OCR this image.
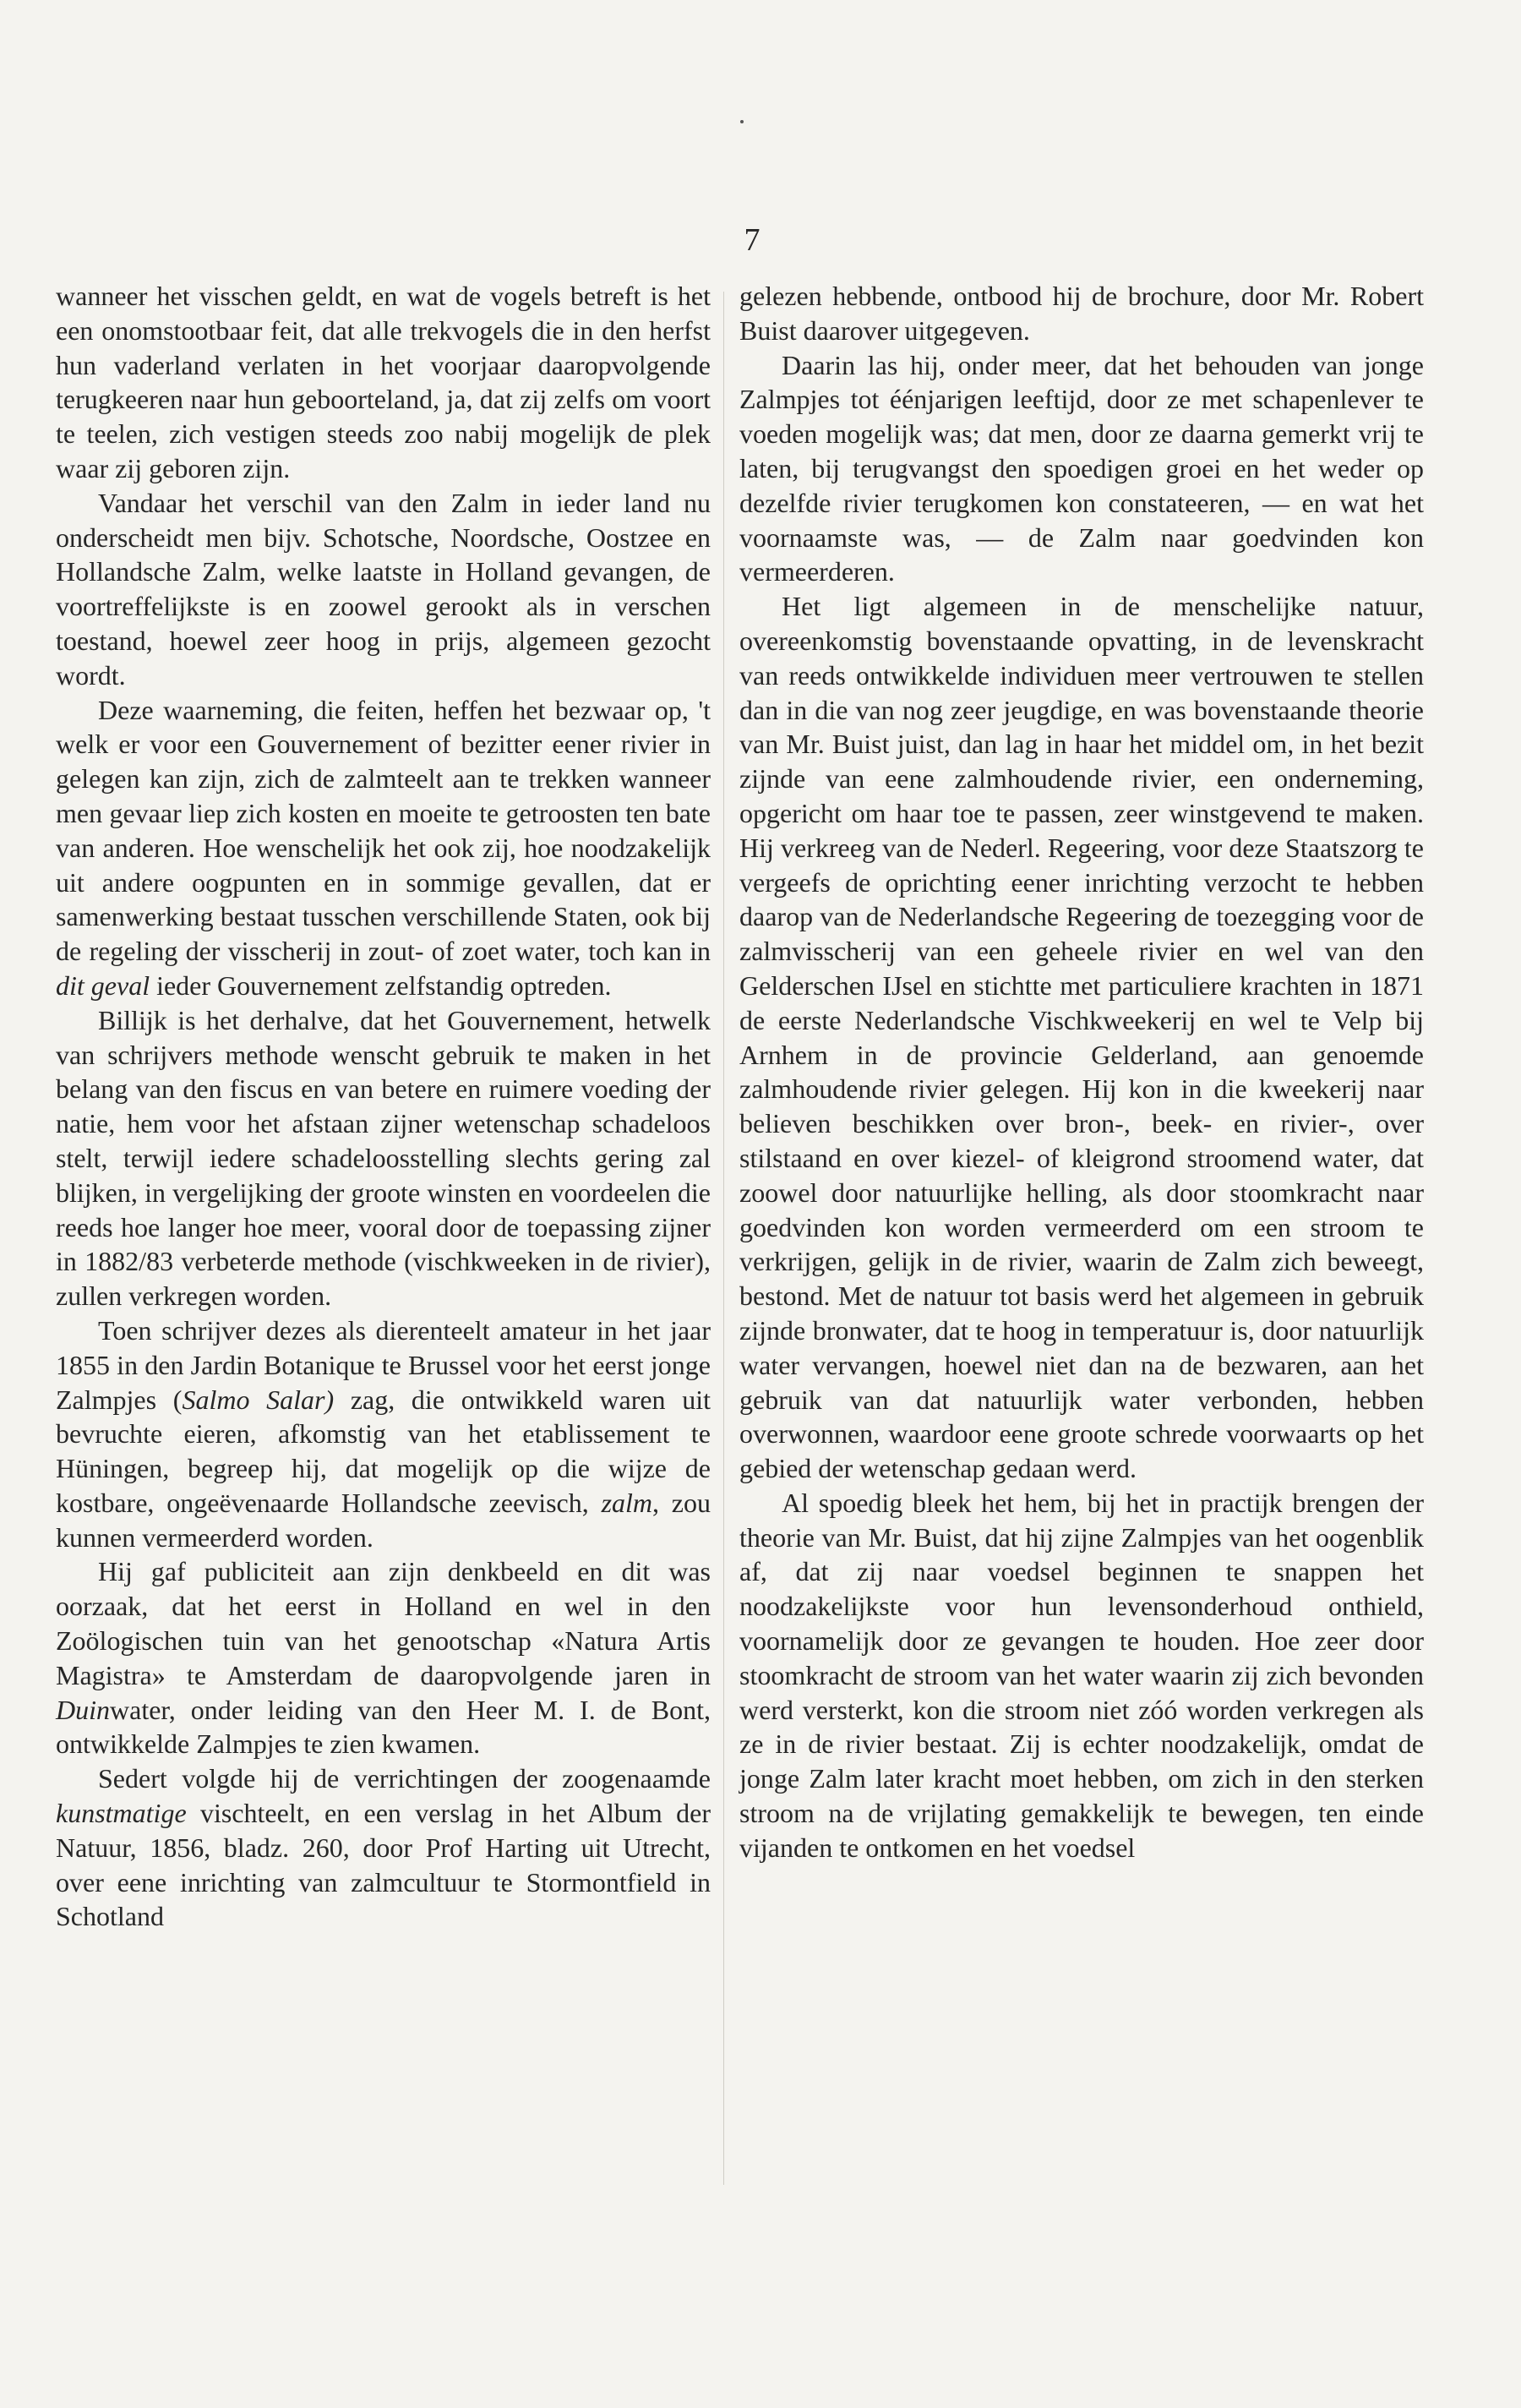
7

wanneer het visschen geldt, en wat de vogels betreft is het een onomstootbaar feit, dat alle trekvogels die in den herfst hun vaderland verlaten in het voorjaar daaropvolgende terugkeeren naar hun geboorteland, ja, dat zij zelfs om voort te teelen, zich vestigen steeds zoo nabij mogelijk de plek waar zij geboren zijn.

Vandaar het verschil van den Zalm in ieder land nu onderscheidt men bijv. Schotsche, Noordsche, Oostzee en Hollandsche Zalm, welke laatste in Holland gevangen, de voortreffelijkste is en zoowel gerookt als in verschen toestand, hoewel zeer hoog in prijs, algemeen gezocht wordt.

Deze waarneming, die feiten, heffen het bezwaar op, 't welk er voor een Gouvernement of bezitter eener rivier in gelegen kan zijn, zich de zalmteelt aan te trekken wanneer men gevaar liep zich kosten en moeite te getroosten ten bate van anderen. Hoe wenschelijk het ook zij, hoe noodzakelijk uit andere oogpunten en in sommige gevallen, dat er samenwerking bestaat tusschen verschillende Staten, ook bij de regeling der visscherij in zout- of zoet water, toch kan in dit geval ieder Gouvernement zelfstandig optreden.

Billijk is het derhalve, dat het Gouvernement, hetwelk van schrijvers methode wenscht gebruik te maken in het belang van den fiscus en van betere en ruimere voeding der natie, hem voor het afstaan zijner wetenschap schadeloos stelt, terwijl iedere schadeloosstelling slechts gering zal blijken, in vergelijking der groote winsten en voordeelen die reeds hoe langer hoe meer, vooral door de toepassing zijner in 1882/83 verbeterde methode (vischkweeken in de rivier), zullen verkregen worden.

Toen schrijver dezes als dierenteelt amateur in het jaar 1855 in den Jardin Botanique te Brussel voor het eerst jonge Zalmpjes (Salmo Salar) zag, die ontwikkeld waren uit bevruchte eieren, afkomstig van het etablissement te Hüningen, begreep hij, dat mogelijk op die wijze de kostbare, ongeëvenaarde Hollandsche zeevisch, zalm, zou kunnen vermeerderd worden.

Hij gaf publiciteit aan zijn denkbeeld en dit was oorzaak, dat het eerst in Holland en wel in den Zoölogischen tuin van het genootschap «Natura Artis Magistra» te Amsterdam de daaropvolgende jaren in Duinwater, onder leiding van den Heer M. I. de Bont, ontwikkelde Zalmpjes te zien kwamen.

Sedert volgde hij de verrichtingen der zoogenaamde kunstmatige vischteelt, en een verslag in het Album der Natuur, 1856, bladz. 260, door Prof Harting uit Utrecht, over eene inrichting van zalmcultuur te Stormontfield in Schotland

gelezen hebbende, ontbood hij de brochure, door Mr. Robert Buist daarover uitgegeven.

Daarin las hij, onder meer, dat het behouden van jonge Zalmpjes tot éénjarigen leeftijd, door ze met schapenlever te voeden mogelijk was; dat men, door ze daarna gemerkt vrij te laten, bij terugvangst den spoedigen groei en het weder op dezelfde rivier terugkomen kon constateeren, — en wat het voornaamste was, — de Zalm naar goedvinden kon vermeerderen.

Het ligt algemeen in de menschelijke natuur, overeenkomstig bovenstaande opvatting, in de levenskracht van reeds ontwikkelde individuen meer vertrouwen te stellen dan in die van nog zeer jeugdige, en was bovenstaande theorie van Mr. Buist juist, dan lag in haar het middel om, in het bezit zijnde van eene zalmhoudende rivier, een onderneming, opgericht om haar toe te passen, zeer winstgevend te maken. Hij verkreeg van de Nederl. Regeering, voor deze Staatszorg te vergeefs de oprichting eener inrichting verzocht te hebben daarop van de Nederlandsche Regeering de toezegging voor de zalmvisscherij van een geheele rivier en wel van den Gelderschen IJsel en stichtte met particuliere krachten in 1871 de eerste Nederlandsche Vischkweekerij en wel te Velp bij Arnhem in de provincie Gelderland, aan genoemde zalmhoudende rivier gelegen. Hij kon in die kweekerij naar believen beschikken over bron-, beek- en rivier-, over stilstaand en over kiezel- of kleigrond stroomend water, dat zoowel door natuurlijke helling, als door stoomkracht naar goedvinden kon worden vermeerderd om een stroom te verkrijgen, gelijk in de rivier, waarin de Zalm zich beweegt, bestond. Met de natuur tot basis werd het algemeen in gebruik zijnde bronwater, dat te hoog in temperatuur is, door natuurlijk water vervangen, hoewel niet dan na de bezwaren, aan het gebruik van dat natuurlijk water verbonden, hebben overwonnen, waardoor eene groote schrede voorwaarts op het gebied der wetenschap gedaan werd.

Al spoedig bleek het hem, bij het in practijk brengen der theorie van Mr. Buist, dat hij zijne Zalmpjes van het oogenblik af, dat zij naar voedsel beginnen te snappen het noodzakelijkste voor hun levensonderhoud onthield, voornamelijk door ze gevangen te houden. Hoe zeer door stoomkracht de stroom van het water waarin zij zich bevonden werd versterkt, kon die stroom niet zóó worden verkregen als ze in de rivier bestaat. Zij is echter noodzakelijk, omdat de jonge Zalm later kracht moet hebben, om zich in den sterken stroom na de vrijlating gemakkelijk te bewegen, ten einde vijanden te ontkomen en het voedsel
